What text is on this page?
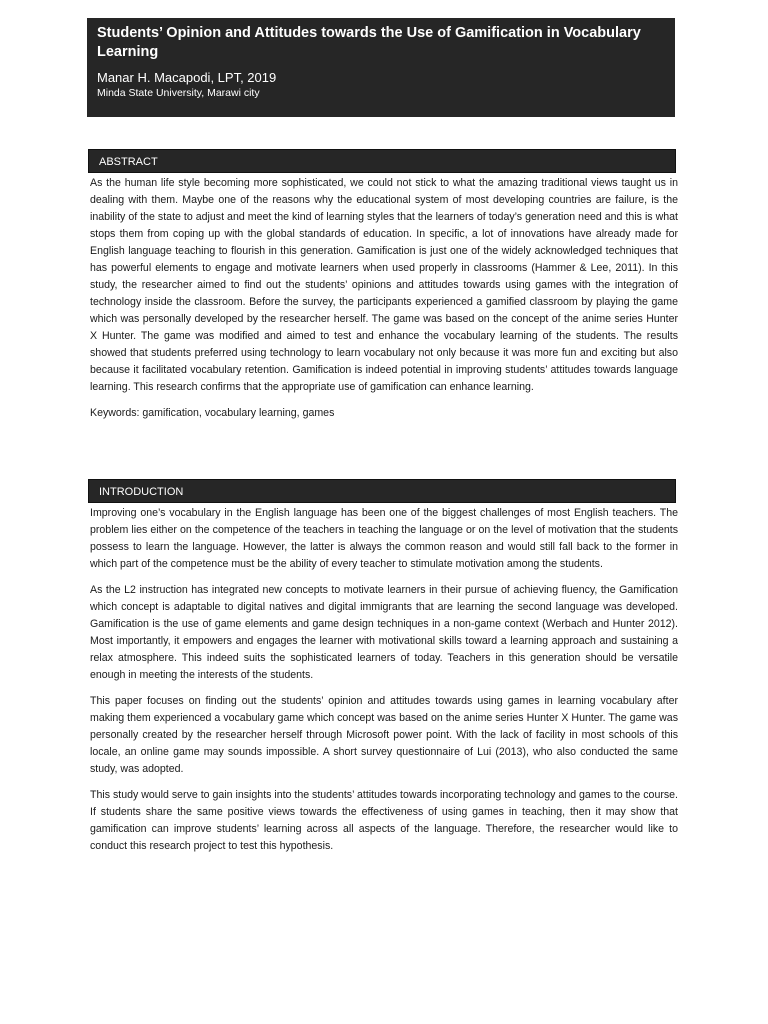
Students’ Opinion and Attitudes towards the Use of Gamification in Vocabulary Learning
Manar H. Macapodi, LPT, 2019
Minda State University, Marawi city
ABSTRACT

As the human life style becoming more sophisticated, we could not stick to what the amazing traditional views taught us in dealing with them. Maybe one of the reasons why the educational system of most developing countries are failure, is the inability of the state to adjust and meet the kind of learning styles that the learners of today’s generation need and this is what stops them from coping up with the global standards of education. In specific, a lot of innovations have already made for English language teaching to flourish in this generation. Gamification is just one of the widely acknowledged techniques that has powerful elements to engage and motivate learners when used properly in classrooms (Hammer & Lee, 2011). In this study, the researcher aimed to find out the students’ opinions and attitudes towards using games with the integration of technology inside the classroom. Before the survey, the participants experienced a gamified classroom by playing the game which was personally developed by the researcher herself. The game was based on the concept of the anime series Hunter X Hunter. The game was modified and aimed to test and enhance the vocabulary learning of the students. The results showed that students preferred using technology to learn vocabulary not only because it was more fun and exciting but also because it facilitated vocabulary retention. Gamification is indeed potential in improving students’ attitudes towards language learning. This research confirms that the appropriate use of gamification can enhance learning.

Keywords: gamification, vocabulary learning, games

INTRODUCTION

Improving one’s vocabulary in the English language has been one of the biggest challenges of most English teachers. The problem lies either on the competence of the teachers in teaching the language or on the level of motivation that the students possess to learn the language. However, the latter is always the common reason and would still fall back to the former in which part of the competence must be the ability of every teacher to stimulate motivation among the students.

As the L2 instruction has integrated new concepts to motivate learners in their pursue of achieving fluency, the Gamification which concept is adaptable to digital natives and digital immigrants that are learning the second language was developed. Gamification is the use of game elements and game design techniques in a non-game context (Werbach and Hunter 2012). Most importantly, it empowers and engages the learner with motivational skills toward a learning approach and sustaining a relax atmosphere. This indeed suits the sophisticated learners of today. Teachers in this generation should be versatile enough in meeting the interests of the students.

This paper focuses on finding out the students’ opinion and attitudes towards using games in learning vocabulary after making them experienced a vocabulary game which concept was based on the anime series Hunter X Hunter. The game was personally created by the researcher herself through Microsoft power point. With the lack of facility in most schools of this locale, an online game may sounds impossible. A short survey questionnaire of Lui (2013), who also conducted the same study, was adopted.

This study would serve to gain insights into the students’ attitudes towards incorporating technology and games to the course. If students share the same positive views towards the effectiveness of using games in teaching, then it may show that gamification can improve students’ learning across all aspects of the language. Therefore, the researcher would like to conduct this research project to test this hypothesis.
